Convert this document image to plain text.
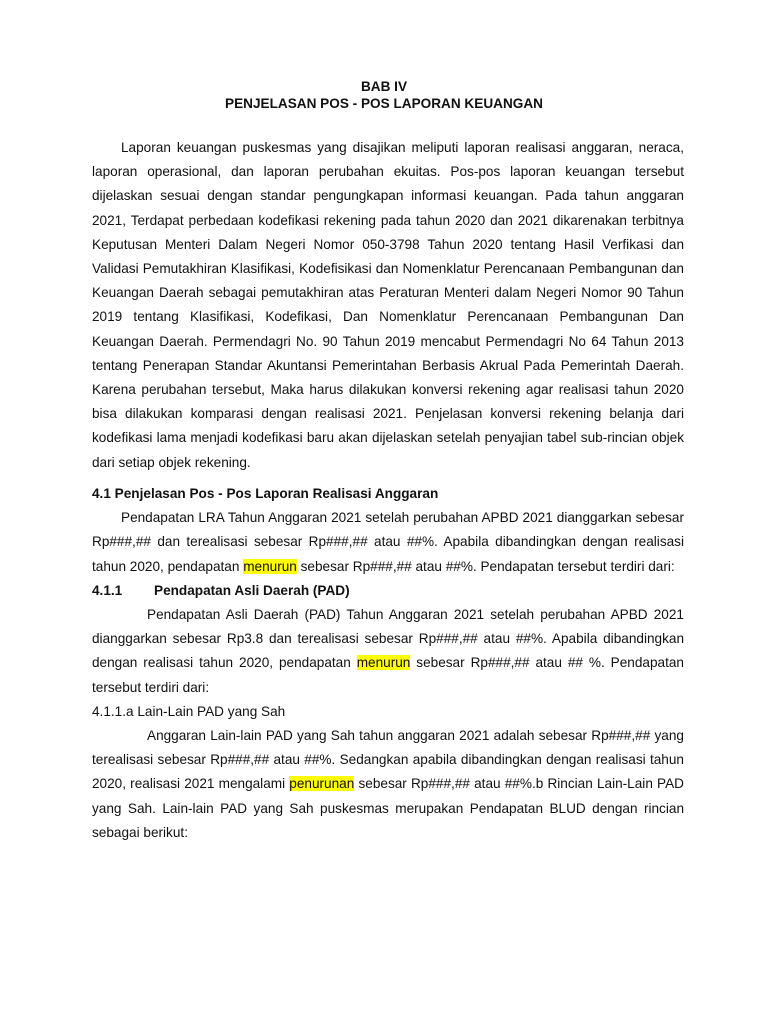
BAB IV
PENJELASAN POS - POS LAPORAN KEUANGAN

Laporan keuangan puskesmas yang disajikan meliputi laporan realisasi anggaran, neraca, laporan operasional, dan laporan perubahan ekuitas. Pos-pos laporan keuangan tersebut dijelaskan sesuai dengan standar pengungkapan informasi keuangan. Pada tahun anggaran 2021, Terdapat perbedaan kodefikasi rekening pada tahun 2020 dan 2021 dikarenakan terbitnya Keputusan Menteri Dalam Negeri Nomor 050-3798 Tahun 2020 tentang Hasil Verfikasi dan Validasi Pemutakhiran Klasifikasi, Kodefisikasi dan Nomenklatur Perencanaan Pembangunan dan Keuangan Daerah sebagai pemutakhiran atas Peraturan Menteri dalam Negeri Nomor 90 Tahun 2019 tentang Klasifikasi, Kodefikasi, Dan Nomenklatur Perencanaan Pembangunan Dan Keuangan Daerah. Permendagri No. 90 Tahun 2019 mencabut Permendagri No 64 Tahun 2013 tentang Penerapan Standar Akuntansi Pemerintahan Berbasis Akrual Pada Pemerintah Daerah. Karena perubahan tersebut, Maka harus dilakukan konversi rekening agar realisasi tahun 2020 bisa dilakukan komparasi dengan realisasi 2021. Penjelasan konversi rekening belanja dari kodefikasi lama menjadi kodefikasi baru akan dijelaskan setelah penyajian tabel sub-rincian objek dari setiap objek rekening.

4.1 Penjelasan Pos - Pos Laporan Realisasi Anggaran

Pendapatan LRA Tahun Anggaran 2021 setelah perubahan APBD 2021 dianggarkan sebesar Rp###,## dan terealisasi sebesar Rp###,## atau ##%. Apabila dibandingkan dengan realisasi tahun 2020, pendapatan menurun sebesar Rp###,## atau ##%. Pendapatan tersebut terdiri dari:

4.1.1	Pendapatan Asli Daerah (PAD)

Pendapatan Asli Daerah (PAD) Tahun Anggaran 2021 setelah perubahan APBD 2021 dianggarkan sebesar Rp3.8 dan terealisasi sebesar Rp###,## atau ##%. Apabila dibandingkan dengan realisasi tahun 2020, pendapatan menurun sebesar Rp###,## atau ## %. Pendapatan tersebut terdiri dari:

4.1.1.a Lain-Lain PAD yang Sah

Anggaran Lain-lain PAD yang Sah tahun anggaran 2021 adalah sebesar Rp###,## yang terealisasi sebesar Rp###,## atau ##%. Sedangkan apabila dibandingkan dengan realisasi tahun 2020, realisasi 2021 mengalami penurunan sebesar Rp###,## atau ##%.b Rincian Lain-Lain PAD yang Sah. Lain-lain PAD yang Sah puskesmas merupakan Pendapatan BLUD dengan rincian sebagai berikut:
